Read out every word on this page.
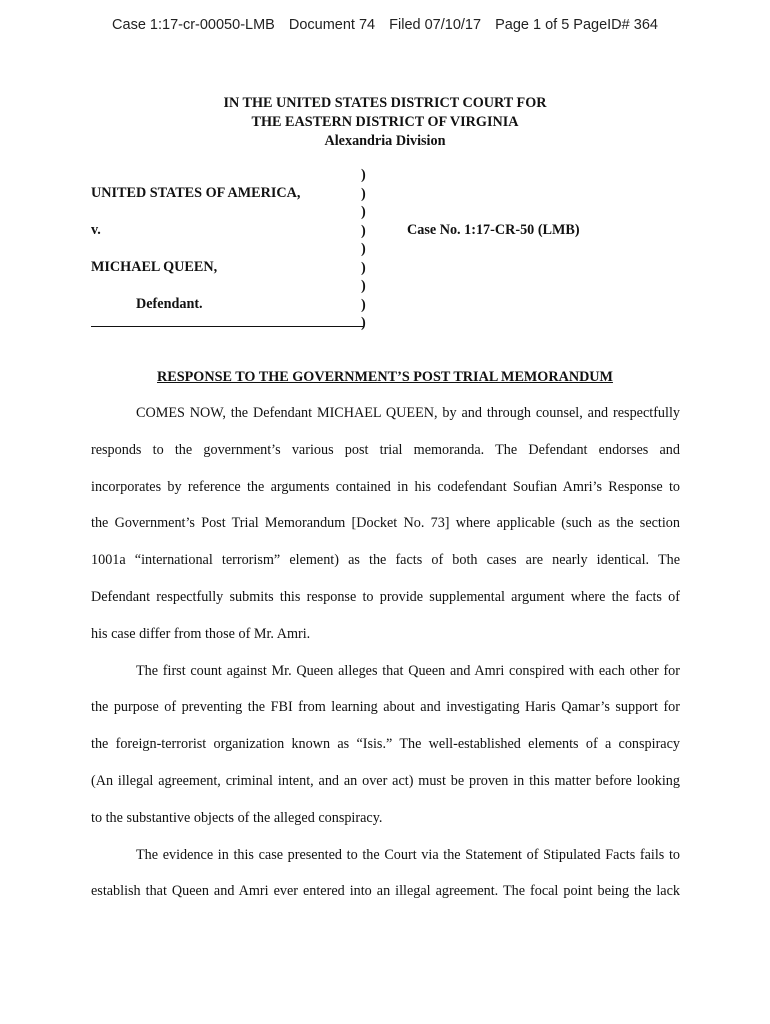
Case 1:17-cr-00050-LMB Document 74 Filed 07/10/17 Page 1 of 5 PageID# 364
IN THE UNITED STATES DISTRICT COURT FOR
THE EASTERN DISTRICT OF VIRGINIA
Alexandria Division
UNITED STATES OF AMERICA,
v.
MICHAEL QUEEN,
Defendant.
)
)
)
)
)
)
)
)
)
Case No. 1:17-CR-50 (LMB)
RESPONSE TO THE GOVERNMENT’S POST TRIAL MEMORANDUM
COMES NOW, the Defendant MICHAEL QUEEN, by and through counsel, and respectfully
responds to the government’s various post trial memoranda. The Defendant endorses and
incorporates by reference the arguments contained in his codefendant Soufian Amri’s Response to
the Government’s Post Trial Memorandum [Docket No. 73] where applicable (such as the section
1001a “international terrorism” element) as the facts of both cases are nearly identical. The
Defendant respectfully submits this response to provide supplemental argument where the facts of
his case differ from those of Mr. Amri.
The first count against Mr. Queen alleges that Queen and Amri conspired with each other for
the purpose of preventing the FBI from learning about and investigating Haris Qamar’s support for
the foreign-terrorist organization known as “Isis.” The well-established elements of a conspiracy
(An illegal agreement, criminal intent, and an over act) must be proven in this matter before looking
to the substantive objects of the alleged conspiracy.
The evidence in this case presented to the Court via the Statement of Stipulated Facts fails to
establish that Queen and Amri ever entered into an illegal agreement. The focal point being the lack
